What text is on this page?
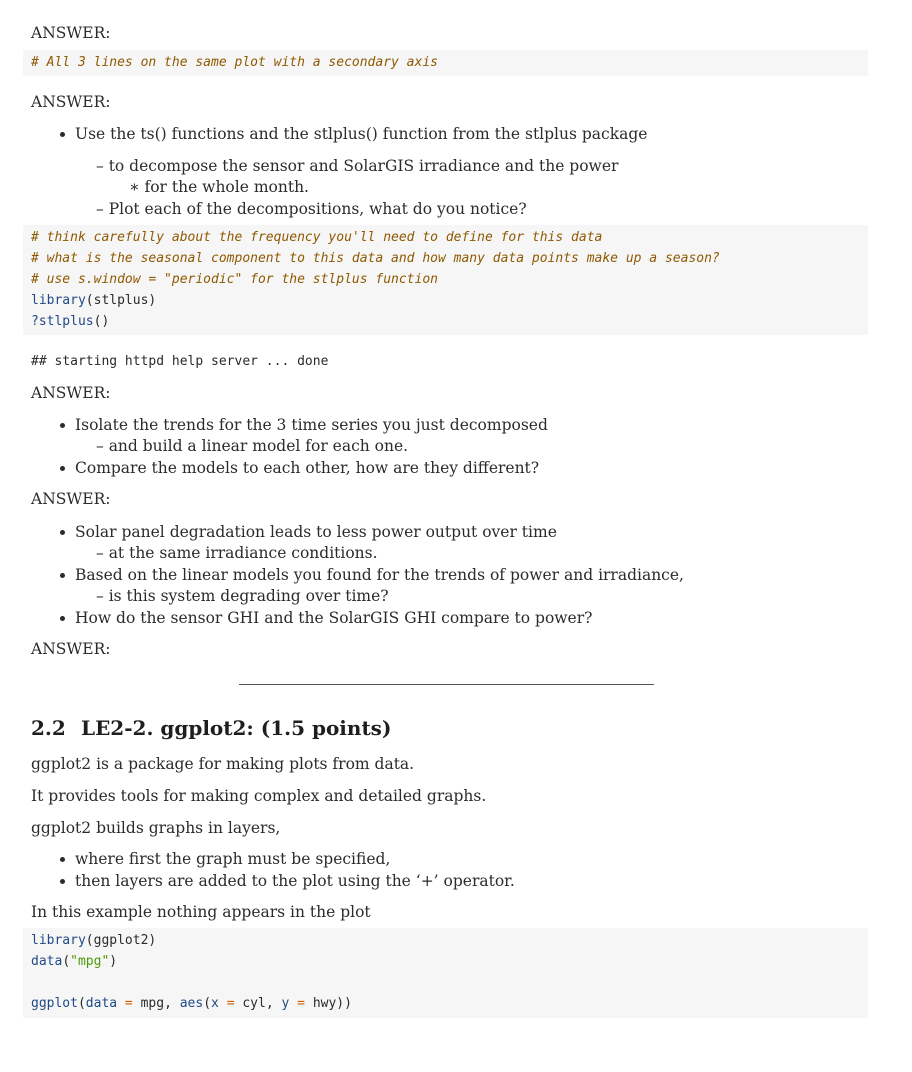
ANSWER:
# All 3 lines on the same plot with a secondary axis
ANSWER:
Use the ts() functions and the stlplus() function from the stlplus package
– to decompose the sensor and SolarGIS irradiance and the power
∗ for the whole month.
– Plot each of the decompositions, what do you notice?
# think carefully about the frequency you'll need to define for this data
# what is the seasonal component to this data and how many data points make up a season?
# use s.window = "periodic" for the stlplus function
library(stlplus)
?stlplus()
## starting httpd help server ... done
ANSWER:
Isolate the trends for the 3 time series you just decomposed
– and build a linear model for each one.
Compare the models to each other, how are they different?
ANSWER:
Solar panel degradation leads to less power output over time
– at the same irradiance conditions.
Based on the linear models you found for the trends of power and irradiance,
– is this system degrading over time?
How do the sensor GHI and the SolarGIS GHI compare to power?
ANSWER:
2.2 LE2-2. ggplot2: (1.5 points)
ggplot2 is a package for making plots from data.
It provides tools for making complex and detailed graphs.
ggplot2 builds graphs in layers,
where first the graph must be specified,
then layers are added to the plot using the ‘+’ operator.
In this example nothing appears in the plot
library(ggplot2)
data("mpg")

ggplot(data = mpg, aes(x = cyl, y = hwy))
